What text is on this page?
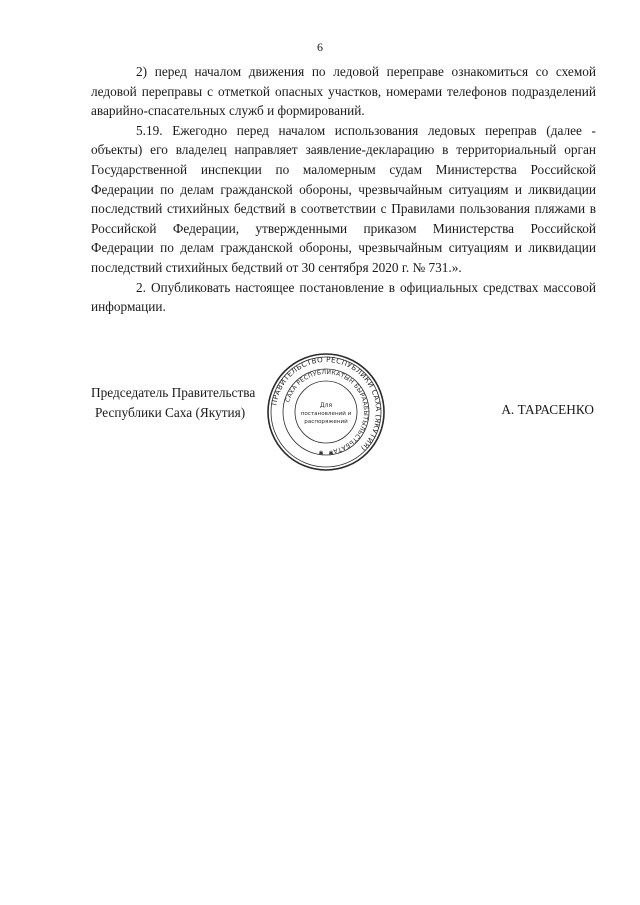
6

2) перед началом движения по ледовой переправе ознакомиться со схемой ледовой переправы с отметкой опасных участков, номерами телефонов подразделений аварийно-спасательных служб и формирований.

5.19. Ежегодно перед началом использования ледовых переправ (далее - объекты) его владелец направляет заявление-декларацию в территориальный орган Государственной инспекции по маломерным судам Министерства Российской Федерации по делам гражданской обороны, чрезвычайным ситуациям и ликвидации последствий стихийных бедствий в соответствии с Правилами пользования пляжами в Российской Федерации, утвержденными приказом Министерства Российской Федерации по делам гражданской обороны, чрезвычайным ситуациям и ликвидации последствий стихийных бедствий от 30 сентября 2020 г. № 731.».

2. Опубликовать настоящее постановление в официальных средствах массовой информации.

Председатель Правительства
Республики Саха (Якутия)	А. ТАРАСЕНКО
ПРАВИТЕЛЬСТВО РЕСПУБЛИКИ САХА (ЯКУТИЯ)
САХА РЕСПУБЛИКАТЫН БЫРААБЫТЫЛЬСТЬБАТА
Для
постановлений и
распоряжений
✱ ✱
